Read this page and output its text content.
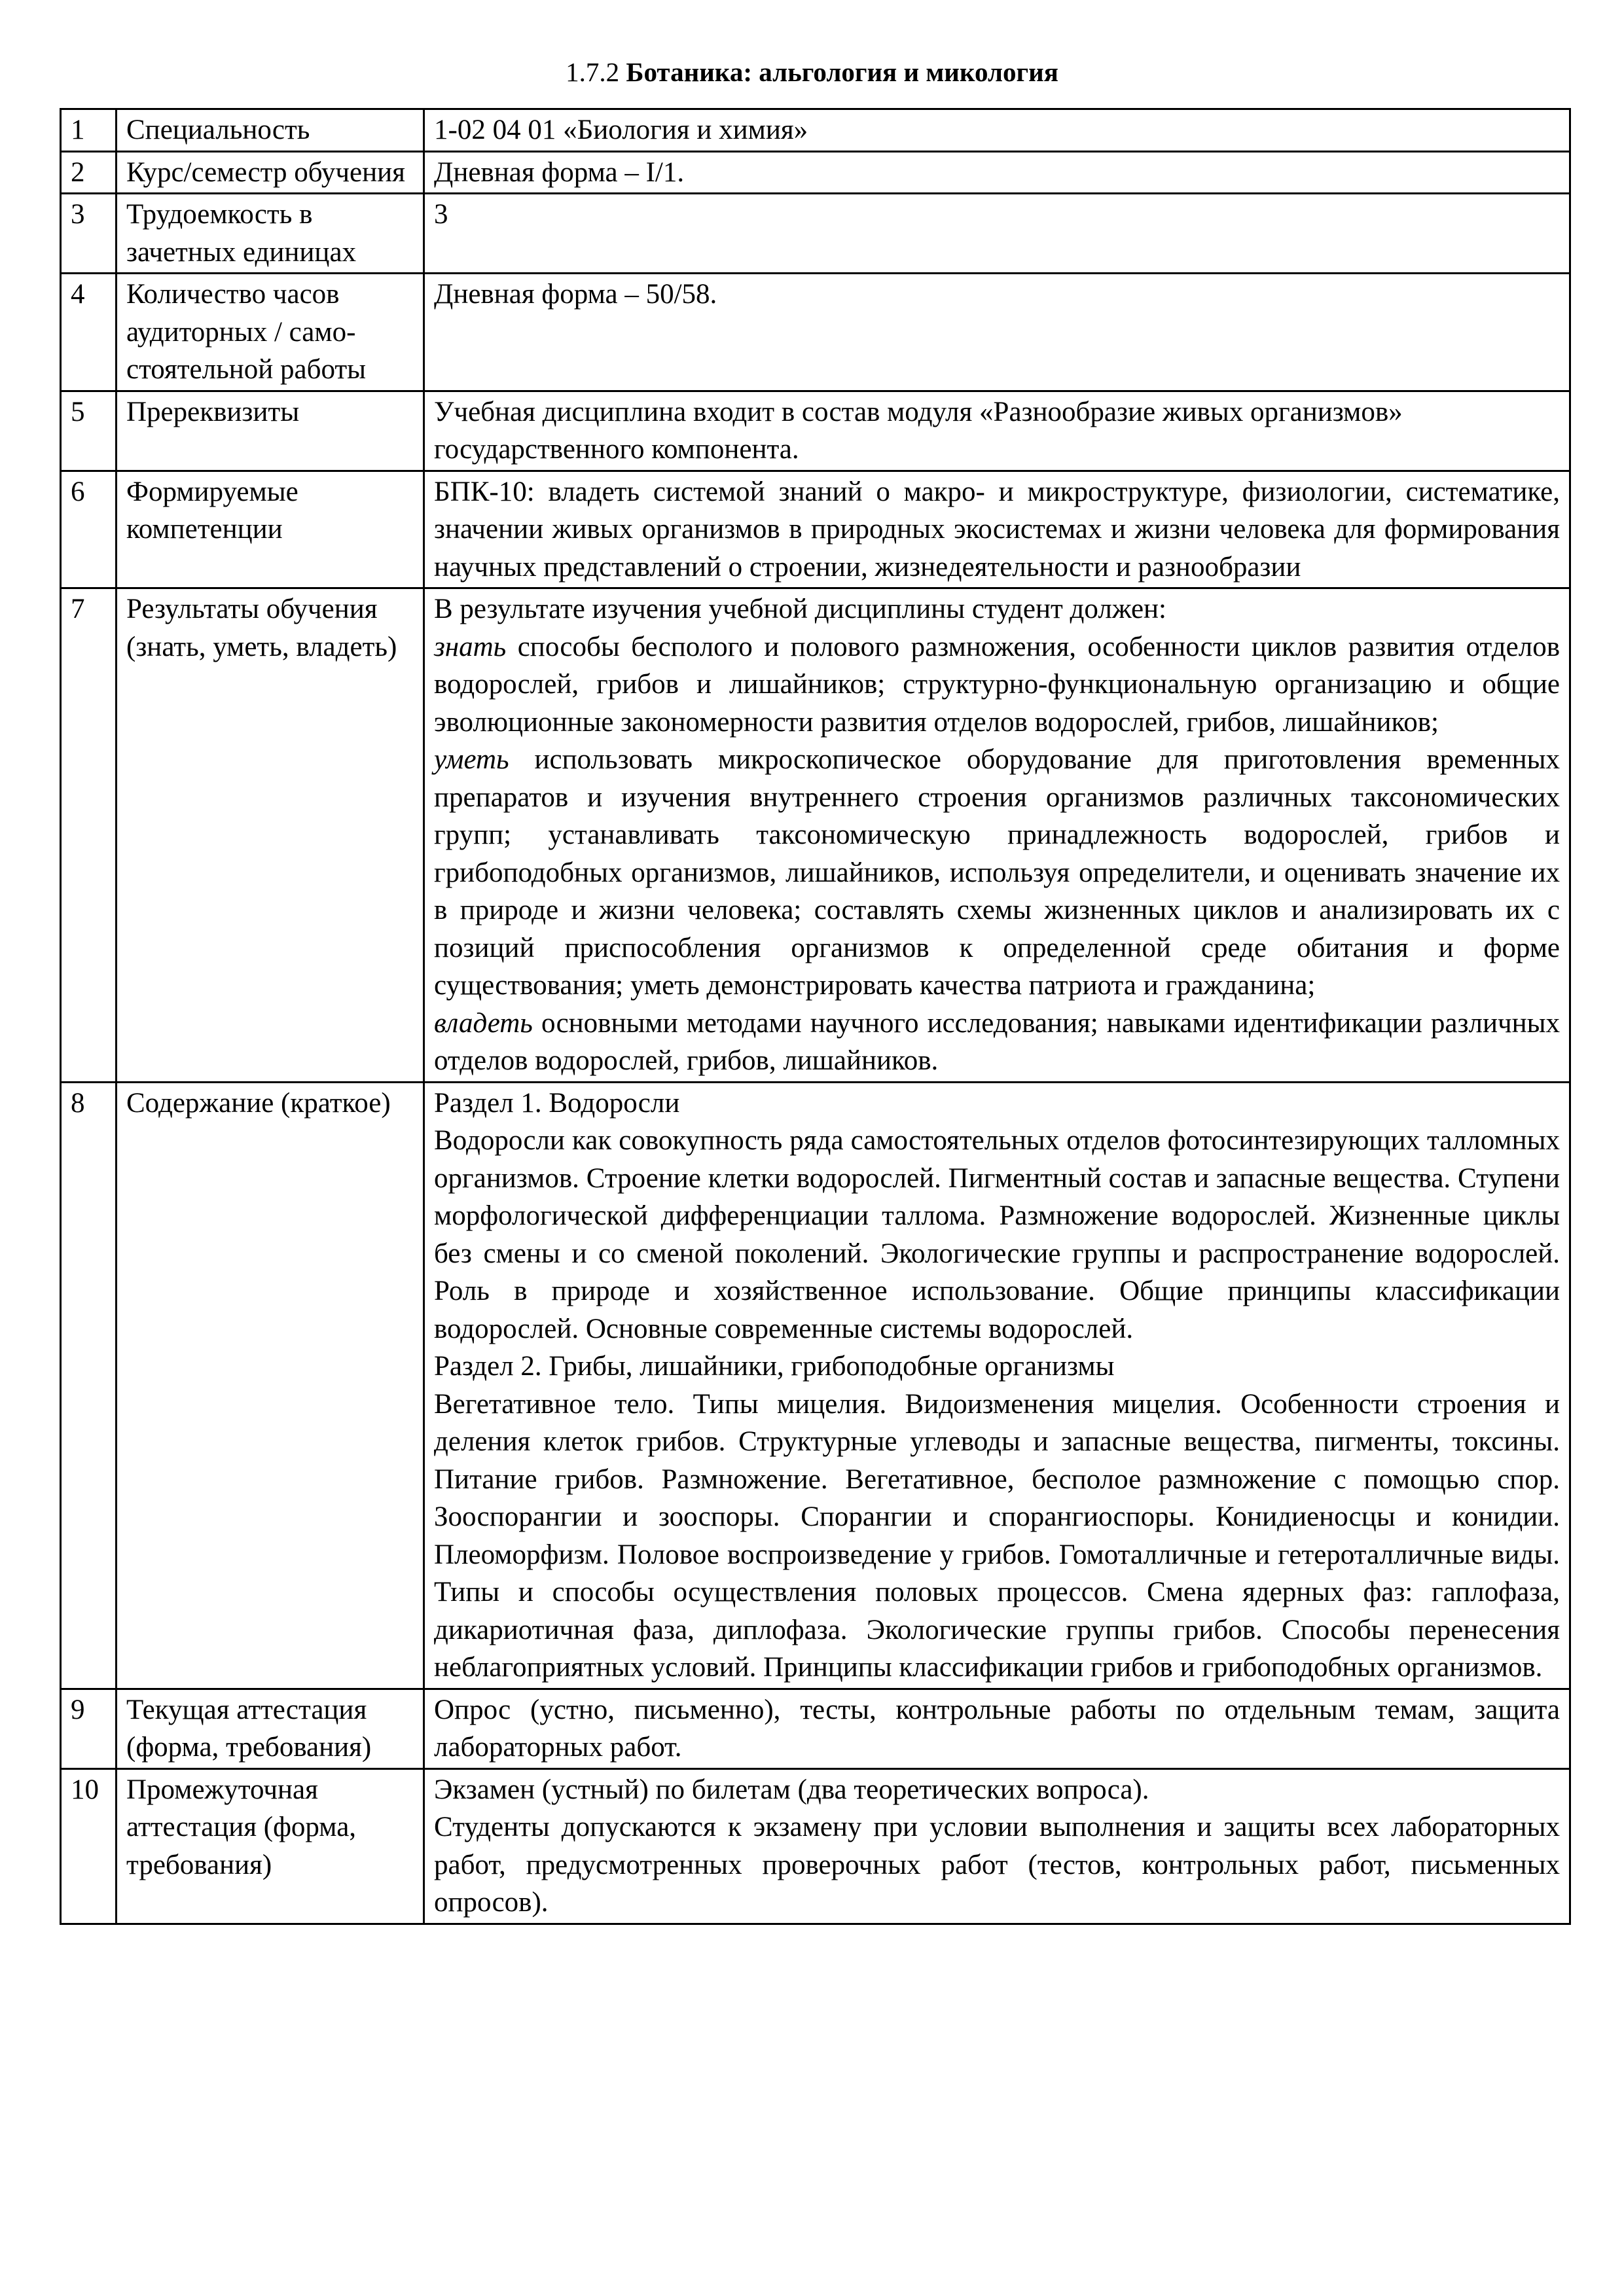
1.7.2 Ботаника: альгология и микология
1	Специальность	1-02 04 01 «Биология и химия»
2	Курс/семестр обучения	Дневная форма – I/1.
3	Трудоемкость в зачетных единицах	3
4	Количество часов аудиторных / само-стоятельной работы	Дневная форма – 50/58.
5	Пререквизиты	Учебная дисциплина входит в состав модуля «Разнообразие живых организмов» государственного компонента.
6	Формируемые компетенции	БПК-10: владеть системой знаний о макро- и микроструктуре, физиологии, систематике, значении живых организмов в природных экосистемах и жизни человека для формирования научных представлений о строении, жизнедеятельности и разнообразии
7	Результаты обучения (знать, уметь, владеть)	В результате изучения учебной дисциплины студент должен:
знать способы бесполого и полового размножения, особенности циклов развития отделов водорослей, грибов и лишайников; структурно-функциональную организацию и общие эволюционные закономерности развития отделов водорослей, грибов, лишайников;
уметь использовать микроскопическое оборудование для приготовления временных препаратов и изучения внутреннего строения организмов различных таксономических групп; устанавливать таксономическую принадлежность водорослей, грибов и грибоподобных организмов, лишайников, используя определители, и оценивать значение их в природе и жизни человека; составлять схемы жизненных циклов и анализировать их с позиций приспособления организмов к определенной среде обитания и форме существования; уметь демонстрировать качества патриота и гражданина;
владеть основными методами научного исследования; навыками идентификации различных отделов водорослей, грибов, лишайников.

8	Содержание (краткое)	Раздел 1. Водоросли
Водоросли как совокупность ряда самостоятельных отделов фотосинтезирующих талломных организмов. Строение клетки водорослей. Пигментный состав и запасные вещества. Ступени морфологической дифференциации таллома. Размножение водорослей. Жизненные циклы без смены и со сменой поколений. Экологические группы и распространение водорослей. Роль в природе и хозяйственное использование. Общие принципы классификации водорослей. Основные современные системы водорослей.
Раздел 2. Грибы, лишайники, грибоподобные организмы
Вегетативное тело. Типы мицелия. Видоизменения мицелия. Особенности строения и деления клеток грибов. Структурные углеводы и запасные вещества, пигменты, токсины. Питание грибов. Размножение. Вегетативное, бесполое размножение с помощью спор. Зооспорангии и зооспоры. Спорангии и спорангиоспоры. Конидиеносцы и конидии. Плеоморфизм. Половое воспроизведение у грибов. Гомоталличные и гетероталличные виды. Типы и способы осуществления половых процессов. Смена ядерных фаз: гаплофаза, дикариотичная фаза, диплофаза. Экологические группы грибов. Способы перенесения неблагоприятных условий. Принципы классификации грибов и грибоподобных организмов.

9	Текущая аттестация (форма, требования)	Опрос (устно, письменно), тесты, контрольные работы по отдельным темам, защита лабораторных работ.
10	Промежуточная аттестация (форма, требования)	Экзамен (устный) по билетам (два теоретических вопроса).
Студенты допускаются к экзамену при условии выполнения и защиты всех лабораторных работ, предусмотренных проверочных работ (тестов, контрольных работ, письменных опросов).
